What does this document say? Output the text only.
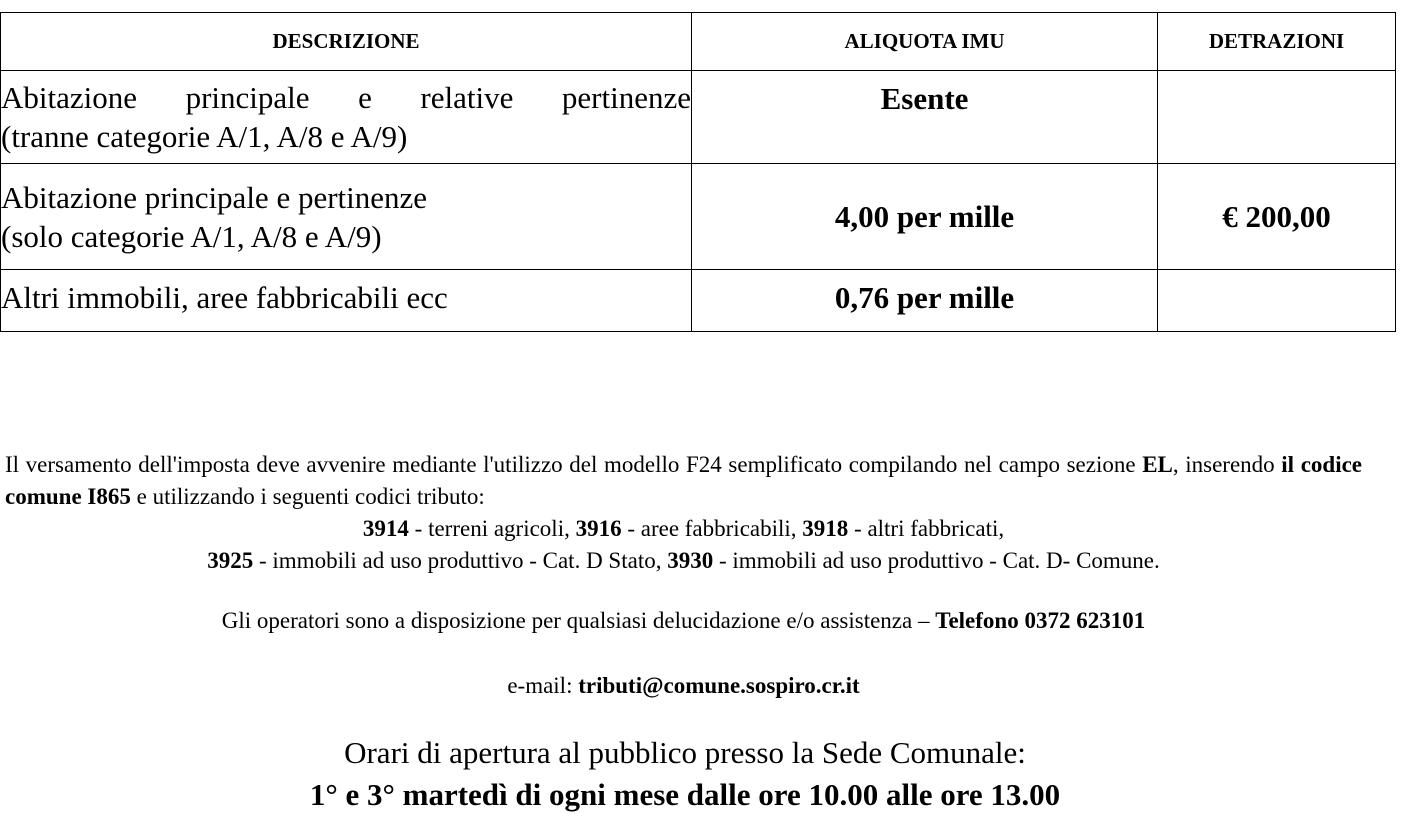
DESCRIZIONE	ALIQUOTA IMU	DETRAZIONI

Abitazione principale e relative pertinenze
(tranne categorie A/1, A/8 e A/9)	Esente	

Abitazione principale e pertinenze
(solo categorie A/1, A/8 e A/9)	4,00 per mille	€ 200,00

Altri immobili, aree fabbricabili ecc	0,76 per mille	
Il versamento dell'imposta deve avvenire mediante l'utilizzo del modello F24 semplificato compilando nel campo sezione EL, inserendo il codice comune I865 e utilizzando i seguenti codici tributo:
3914 - terreni agricoli, 3916 - aree fabbricabili, 3918 - altri fabbricati,
3925 - immobili ad uso produttivo - Cat. D Stato, 3930 - immobili ad uso produttivo - Cat. D- Comune.
Gli operatori sono a disposizione per qualsiasi delucidazione e/o assistenza – Telefono 0372 623101
e-mail: tributi@comune.sospiro.cr.it
Orari di apertura al pubblico presso la Sede Comunale:
1° e 3° martedì di ogni mese dalle ore 10.00 alle ore 13.00
